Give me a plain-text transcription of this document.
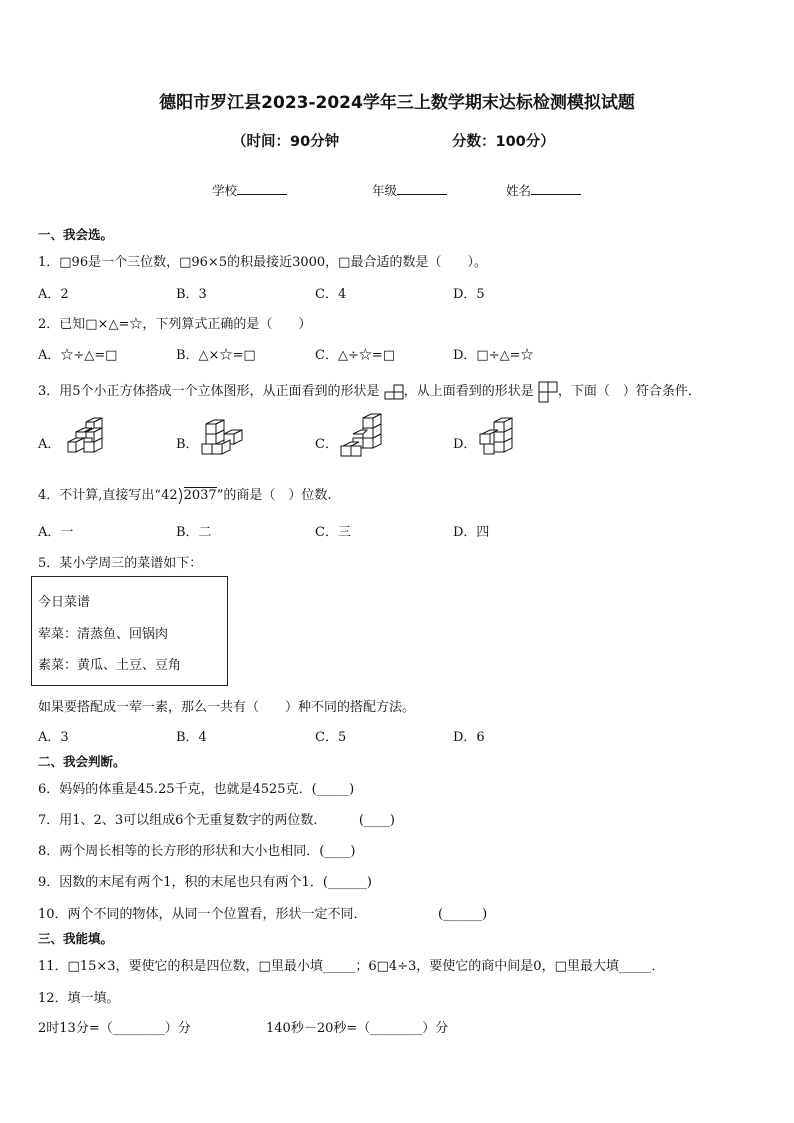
德阳市罗江县2023-2024学年三上数学期末达标检测模拟试题
（时间：90分钟	分数：100分）
学校	年级	姓名
一、我会选。
1．□96是一个三位数，□96×5的积最接近3000，□最合适的数是（　　）。
A．2	B．3	C．4	D．5
2．已知□×△=☆，下列算式正确的是（　　）
A．☆÷△=□	B．△×☆=□	C．△÷☆=□	D．□÷△=☆
3．用5个小正方体搭成一个立体图形，从正面看到的形状是 ，从上面看到的形状是 ，下面（　）符合条件．
A．	B．	C．	D．
4．不计算,直接写出“42 2037”的商是（　）位数.
A．一	B．二	C．三	D．四
5．某小学周三的菜谱如下：
今日菜谱
荤菜：清蒸鱼、回锅肉
素菜：黄瓜、土豆、豆角
如果要搭配成一荤一素，那么一共有（　　）种不同的搭配方法。
A．3	B．4	C．5	D．6
二、我会判断。
6．妈妈的体重是45.25千克，也就是4525克．(_____)
7．用1、2、3可以组成6个无重复数字的两位数．　　　(____)
8．两个周长相等的长方形的形状和大小也相同．(____)
9．因数的末尾有两个1，积的末尾也只有两个1．(______)
10．两个不同的物体，从同一个位置看，形状一定不同．　　　　　　(______)
三、我能填。
11．□15×3，要使它的积是四位数，□里最小填_____；6□4÷3，要使它的商中间是0，□里最大填_____．
12．填一填。
2时13分=（________）分	140秒－20秒=（________）分
